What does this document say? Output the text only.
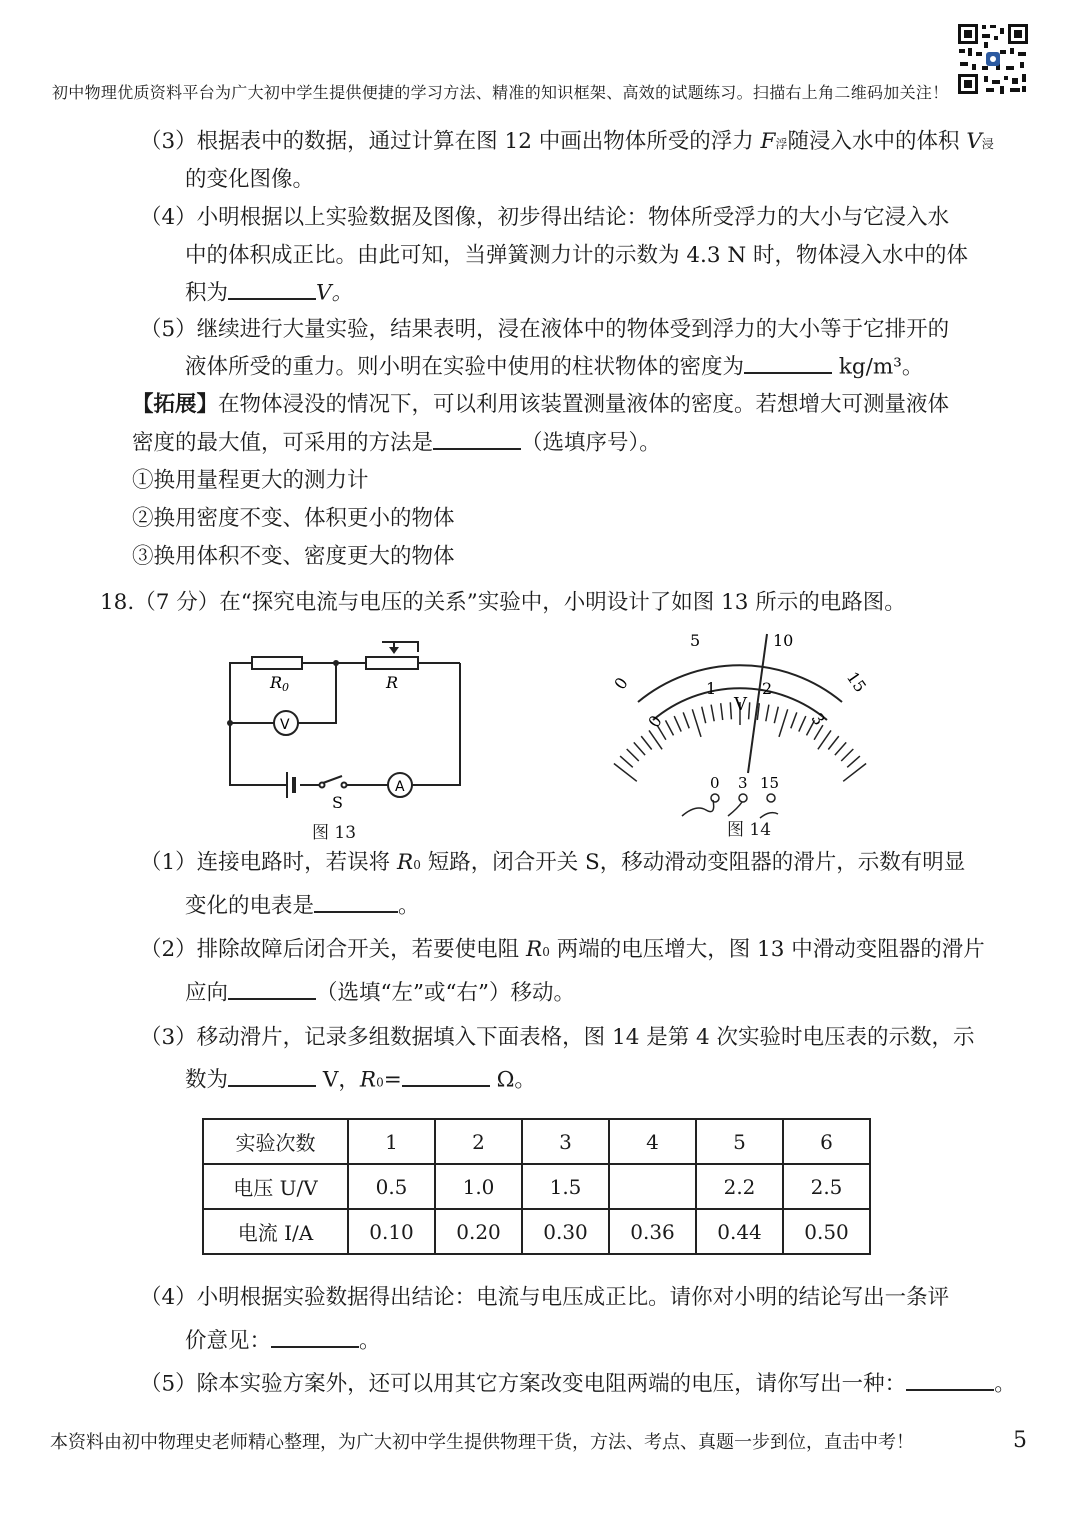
初中物理优质资料平台为广大初中学生提供便捷的学习方法、精准的知识框架、高效的试题练习。扫描右上角二维码加关注！
（3）根据表中的数据，通过计算在图 12 中画出物体所受的浮力 F浮随浸入水中的体积 V浸
的变化图像。
（4）小明根据以上实验数据及图像，初步得出结论：物体所受浮力的大小与它浸入水
中的体积成正比。由此可知，当弹簧测力计的示数为 4.3 N 时，物体浸入水中的体
积为	V。
（5）继续进行大量实验，结果表明，浸在液体中的物体受到浮力的大小等于它排开的
液体所受的重力。则小明在实验中使用的柱状物体的密度为	kg/m³。
【拓展】在物体浸没的情况下，可以利用该装置测量液体的密度。若想增大可测量液体
密度的最大值，可采用的方法是	（选填序号）。
①换用量程更大的测力计
②换用密度不变、体积更小的物体
③换用体积不变、密度更大的物体
18.（7 分）在“探究电流与电压的关系”实验中，小明设计了如图 13 所示的电路图。
R0	R
V
A
S
图 13
0
5	10
15
0
1	2
3
V
0 3 15
图 14
（1）连接电路时，若误将 R0 短路，闭合开关 S，移动滑动变阻器的滑片，示数有明显
变化的电表是	。
（2）排除故障后闭合开关，若要使电阻 R0 两端的电压增大，图 13 中滑动变阻器的滑片
应向	（选填“左”或“右”）移动。
（3）移动滑片，记录多组数据填入下面表格，图 14 是第 4 次实验时电压表的示数，示
数为	V，R0=	Ω。
实验次数	1	2	3	4	5	6
电压 U/V	0.5	1.0	1.5		2.2	2.5
电流 I/A	0.10	0.20	0.30	0.36	0.44	0.50
（4）小明根据实验数据得出结论：电流与电压成正比。请你对小明的结论写出一条评
价意见：	。
（5）除本实验方案外，还可以用其它方案改变电阻两端的电压，请你写出一种：	。
本资料由初中物理史老师精心整理，为广大初中学生提供物理干货，方法、考点、真题一步到位，直击中考！	5
